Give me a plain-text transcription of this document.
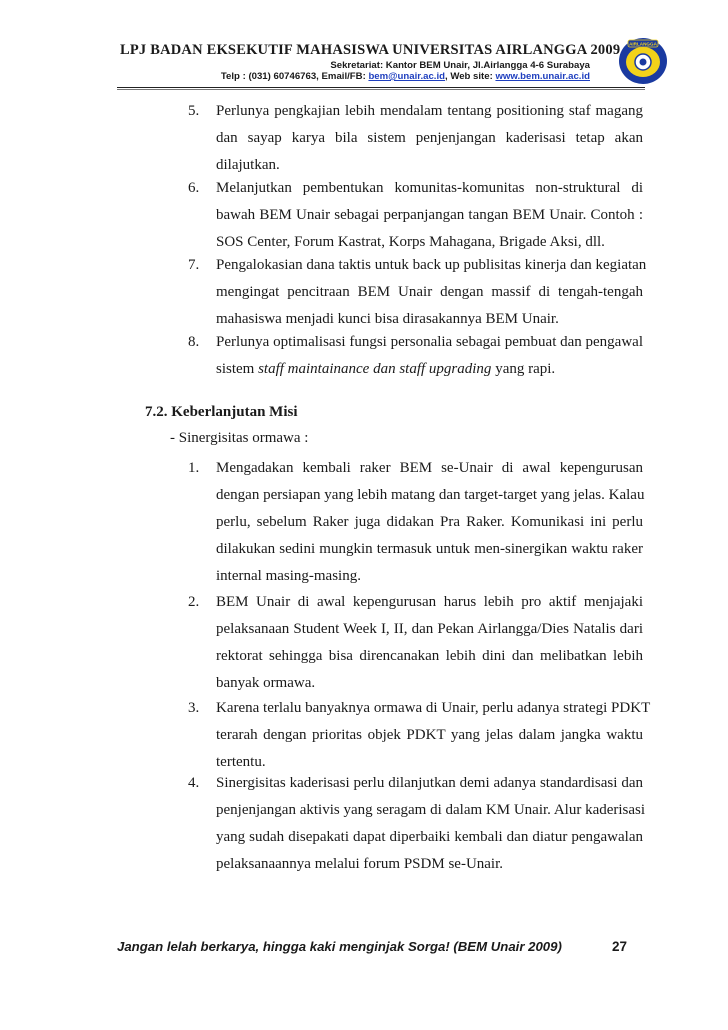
LPJ BADAN EKSEKUTIF MAHASISWA UNIVERSITAS AIRLANGGA 2009
Sekretariat: Kantor BEM Unair, Jl.Airlangga 4-6 Surabaya
Telp : (031) 60746763, Email/FB: bem@unair.ac.id, Web site: www.bem.unair.ac.id
AIRLANGGA
5. Perlunya pengkajian lebih mendalam tentang positioning staf magang
dan sayap karya bila sistem penjenjangan kaderisasi tetap akan
dilajutkan.
6. Melanjutkan pembentukan komunitas-komunitas non-struktural di
bawah BEM Unair sebagai perpanjangan tangan BEM Unair. Contoh :
SOS Center, Forum Kastrat, Korps Mahagana, Brigade Aksi, dll.
7. Pengalokasian dana taktis untuk back up publisitas kinerja dan kegiatan
mengingat pencitraan BEM Unair dengan massif di tengah-tengah
mahasiswa menjadi kunci bisa dirasakannya BEM Unair.
8. Perlunya optimalisasi fungsi personalia sebagai pembuat dan pengawal
sistem staff maintainance dan staff upgrading yang rapi.
7.2. Keberlanjutan Misi
- Sinergisitas ormawa :
1. Mengadakan kembali raker BEM se-Unair di awal kepengurusan
dengan persiapan yang lebih matang dan target-target yang jelas. Kalau
perlu, sebelum Raker juga didakan Pra Raker. Komunikasi ini perlu
dilakukan sedini mungkin termasuk untuk men-sinergikan waktu raker
internal masing-masing.
2. BEM Unair di awal kepengurusan harus lebih pro aktif menjajaki
pelaksanaan Student Week I, II, dan Pekan Airlangga/Dies Natalis dari
rektorat sehingga bisa direncanakan lebih dini dan melibatkan lebih
banyak ormawa.
3. Karena terlalu banyaknya ormawa di Unair, perlu adanya strategi PDKT
terarah dengan prioritas objek PDKT yang jelas dalam jangka waktu
tertentu.
4. Sinergisitas kaderisasi perlu dilanjutkan demi adanya standardisasi dan
penjenjangan aktivis yang seragam di dalam KM Unair. Alur kaderisasi
yang sudah disepakati dapat diperbaiki kembali dan diatur pengawalan
pelaksanaannya melalui forum PSDM se-Unair.
Jangan lelah berkarya, hingga kaki menginjak Sorga! (BEM Unair 2009)	27
